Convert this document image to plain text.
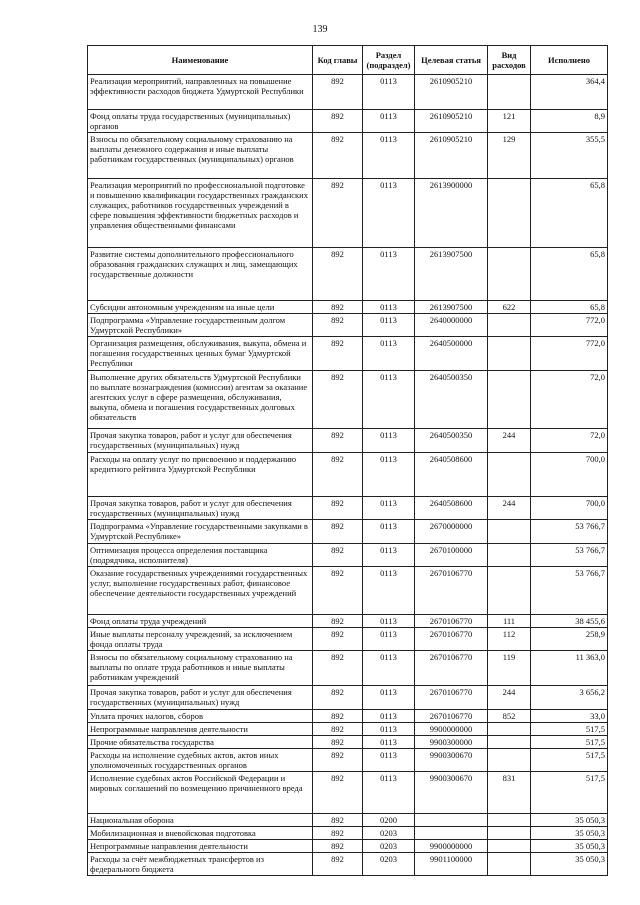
139
Наименование	Код главы	Раздел (подраздел)	Целевая статья	Вид расходов	Исполнено
Реализация мероприятий, направленных на повышение эффективности расходов бюджета Удмуртской Республики	892	0113	2610905210		364,4
Фонд оплаты труда государственных (муниципальных) органов	892	0113	2610905210	121	8,9
Взносы по обязательному социальному страхованию на выплаты денежного содержания и иные выплаты работникам государственных (муниципальных) органов	892	0113	2610905210	129	355,5
Реализация мероприятий по профессиональной подготовке и повышению квалификации государственных гражданских служащих, работников государственных учреждений в сфере повышения эффективности бюджетных расходов и управления общественными финансами	892	0113	2613900000		65,8
Развитие системы дополнительного профессионального образования гражданских служащих и лиц, замещающих государственные должности	892	0113	2613907500		65,8
Субсидии автономным учреждениям на иные цели	892	0113	2613907500	622	65,8
Подпрограмма «Управление государственным долгом Удмуртской Республики»	892	0113	2640000000		772,0
Организация размещения, обслуживания, выкупа, обмена и погашения государственных ценных бумаг Удмуртской Республики	892	0113	2640500000		772,0
Выполнение других обязательств Удмуртской Республики по выплате вознаграждения (комиссии) агентам за оказание агентских услуг в сфере размещения, обслуживания, выкупа, обмена и погашения государственных долговых обязательств	892	0113	2640500350		72,0
Прочая закупка товаров, работ и услуг для обеспечения государственных (муниципальных) нужд	892	0113	2640500350	244	72,0
Расходы на оплату услуг по присвоению и поддержанию кредитного рейтинга Удмуртской Республики	892	0113	2640508600		700,0
Прочая закупка товаров, работ и услуг для обеспечения государственных (муниципальных) нужд	892	0113	2640508600	244	700,0
Подпрограмма «Управление государственными закупками в Удмуртской Республике»	892	0113	2670000000		53 766,7
Оптимизация процесса определения поставщика (подрядчика, исполнителя)	892	0113	2670100000		53 766,7
Оказание государственных учреждениями государственных услуг, выполнение государственных работ, финансовое обеспечение деятельности государственных учреждений	892	0113	2670106770		53 766,7
Фонд оплаты труда учреждений	892	0113	2670106770	111	38 455,6
Иные выплаты персоналу учреждений, за исключением фонда оплаты труда	892	0113	2670106770	112	258,9
Взносы по обязательному социальному страхованию на выплаты по оплате труда работников и иные выплаты работникам учреждений	892	0113	2670106770	119	11 363,0
Прочая закупка товаров, работ и услуг для обеспечения государственных (муниципальных) нужд	892	0113	2670106770	244	3 656,2
Уплата прочих налогов, сборов	892	0113	2670106770	852	33,0
Непрограммные направления деятельности	892	0113	9900000000		517,5
Прочие обязательства государства	892	0113	9900300000		517,5
Расходы на исполнение судебных актов, актов иных уполномоченных государственных органов	892	0113	9900300670		517,5
Исполнение судебных актов Российской Федерации и мировых соглашений по возмещению причиненного вреда	892	0113	9900300670	831	517,5
Национальная оборона	892	0200			35 050,3
Мобилизационная и вневойсковая подготовка	892	0203			35 050,3
Непрограммные направления деятельности	892	0203	9900000000		35 050,3
Расходы за счёт межбюджетных трансфертов из федерального бюджета	892	0203	9901100000		35 050,3
